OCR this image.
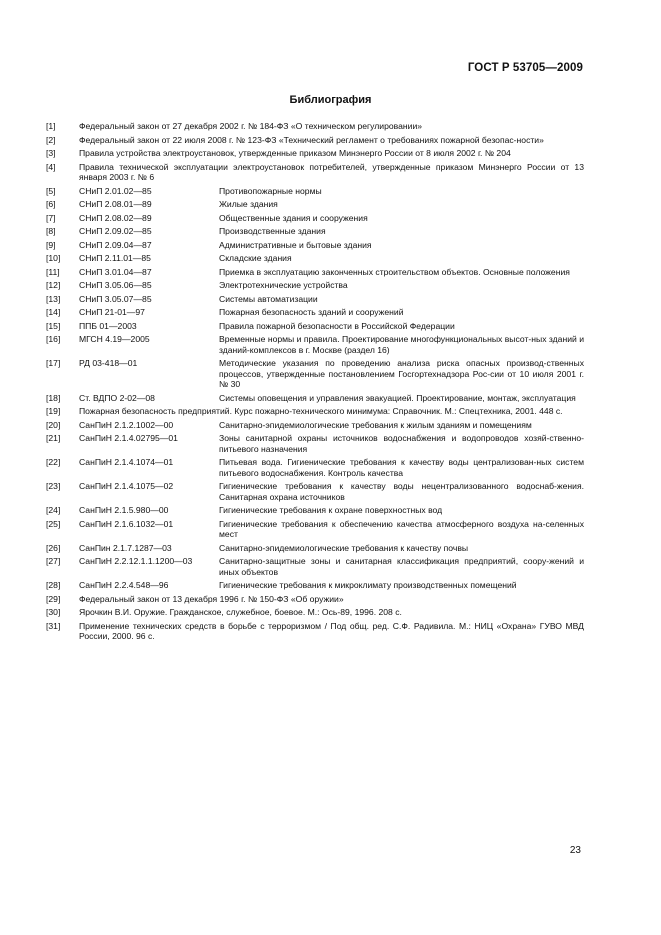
ГОСТ Р 53705—2009
Библиография
[1]	Федеральный закон от 27 декабря 2002 г. № 184-ФЗ «О техническом регулировании»
[2]	Федеральный закон от 22 июля 2008 г. № 123-ФЗ «Технический регламент о требованиях пожарной безопас-ности»
[3]	Правила устройства электроустановок, утвержденные приказом Минэнерго России от 8 июля 2002 г. № 204
[4]	Правила технической эксплуатации электроустановок потребителей, утвержденные приказом Минэнерго России от 13 января 2003 г. № 6
[5]	СНиП 2.01.02—85	Противопожарные нормы
[6]	СНиП 2.08.01—89	Жилые здания
[7]	СНиП 2.08.02—89	Общественные здания и сооружения
[8]	СНиП 2.09.02—85	Производственные здания
[9]	СНиП 2.09.04—87	Административные и бытовые здания
[10]	СНиП 2.11.01—85	Складские здания
[11]	СНиП 3.01.04—87	Приемка в эксплуатацию законченных строительством объектов. Основные положения
[12]	СНиП 3.05.06—85	Электротехнические устройства
[13]	СНиП 3.05.07—85	Системы автоматизации
[14]	СНиП 21-01—97	Пожарная безопасность зданий и сооружений
[15]	ППБ 01—2003	Правила пожарной безопасности в Российской Федерации
[16]	МГСН 4.19—2005	Временные нормы и правила. Проектирование многофункциональных высот-ных зданий и зданий-комплексов в г. Москве (раздел 16)
[17]	РД 03-418—01	Методические указания по проведению анализа риска опасных производ-ственных процессов, утвержденные постановлением Госгортехнадзора Рос-сии от 10 июля 2001 г. № 30
[18]	Ст. ВДПО 2-02—08	Системы оповещения и управления эвакуацией. Проектирование, монтаж, эксплуатация
[19]	Пожарная безопасность предприятий. Курс пожарно-технического минимума: Справочник. М.: Спецтехника, 2001. 448 с.
[20]	СанПиН 2.1.2.1002—00	Санитарно-эпидемиологические требования к жилым зданиям и помещениям
[21]	СанПиН 2.1.4.02795—01	Зоны санитарной охраны источников водоснабжения и водопроводов хозяй-ственно-питьевого назначения
[22]	СанПиН 2.1.4.1074—01	Питьевая вода. Гигиенические требования к качеству воды централизован-ных систем питьевого водоснабжения. Контроль качества
[23]	СанПиН 2.1.4.1075—02	Гигиенические требования к качеству воды нецентрализованного водоснаб-жения. Санитарная охрана источников
[24]	СанПиН 2.1.5.980—00	Гигиенические требования к охране поверхностных вод
[25]	СанПиН 2.1.6.1032—01	Гигиенические требования к обеспечению качества атмосферного воздуха на-селенных мест
[26]	СанПин 2.1.7.1287—03	Санитарно-эпидемиологические требования к качеству почвы
[27]	СанПиН 2.2.12.1.1.1200—03	Санитарно-защитные зоны и санитарная классификация предприятий, соору-жений и иных объектов
[28]	СанПиН 2.2.4.548—96	Гигиенические требования к микроклимату производственных помещений
[29]	Федеральный закон от 13 декабря 1996 г. № 150-ФЗ «Об оружии»
[30]	Ярочкин В.И. Оружие. Гражданское, служебное, боевое. М.: Ось-89, 1996. 208 с.
[31]	Применение технических средств в борьбе с терроризмом / Под общ. ред. С.Ф. Радивила. М.: НИЦ «Охрана» ГУВО МВД России, 2000. 96 с.
23
